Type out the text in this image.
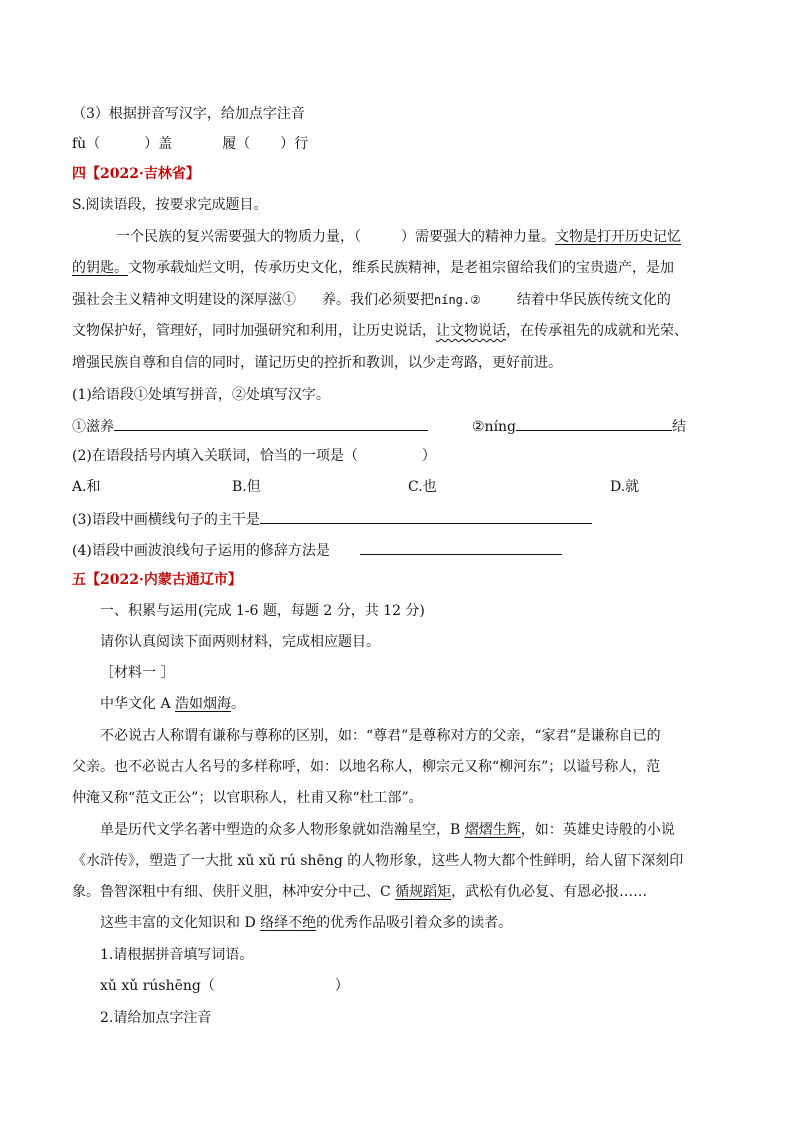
（3）根据拼音写汉字，给加点字注音
fù（	）盖	履（ ）行
四【2022·吉林省】
S.阅读语段，按要求完成题目。
一个民族的复兴需要强大的物质力量，（	）需要强大的精神力量。文物是打开历史记忆
的钥匙。文物承载灿烂文明，传承历史文化，维系民族精神，是老祖宗留给我们的宝贵遗产，是加
强社会主义精神文明建设的深厚滋① 养。我们必须要把níng.②	结着中华民族传统文化的
文物保护好，管理好，同时加强研究和利用，让历史说话，让文物说话，在传承祖先的成就和光荣、
增强民族自尊和自信的同时，谨记历史的控折和教训，以少走弯路，更好前进。
(1)给语段①处填写拼音，②处填写汉字。
①滋养	②níng	结
(2)在语段括号内填入关联词，恰当的一项是（	）
A.和	B.但	C.也	D.就
(3)语段中画横线句子的主干是
(4)语段中画波浪线句子运用的修辞方法是
五【2022·内蒙古通辽市】
一、积累与运用(完成 1-6 题，每题 2 分，共 12 分)
请你认真阅读下面两则材料，完成相应题目。
［材料一 ］
中华文化 A 浩如烟海。
不必说古人称谓有谦称与尊称的区别，如：“尊君”是尊称对方的父亲，“家君”是谦称自已的
父亲。也不必说古人名号的多样称呼，如：以地名称人，柳宗元又称“柳河东”；以谥号称人，范
仲淹又称“范文正公”；以官职称人，杜甫又称“杜工部”。
单是历代文学名著中塑造的众多人物形象就如浩瀚星空，B 熠熠生辉，如：英雄史诗般的小说
《水浒传》，塑造了一大批 xǔ xǔ rú shēng 的人物形象，这些人物大都个性鲜明，给人留下深刻印
象。鲁智深粗中有细、侠肝义胆，林冲安分中己、C 循规蹈矩，武松有仇必复、有恩必报……
这些丰富的文化知识和 D 络绎不绝的优秀作品吸引着众多的读者。
1.请根据拼音填写词语。
xǔ xǔ rúshēng（	）
2.请给加点字注音
